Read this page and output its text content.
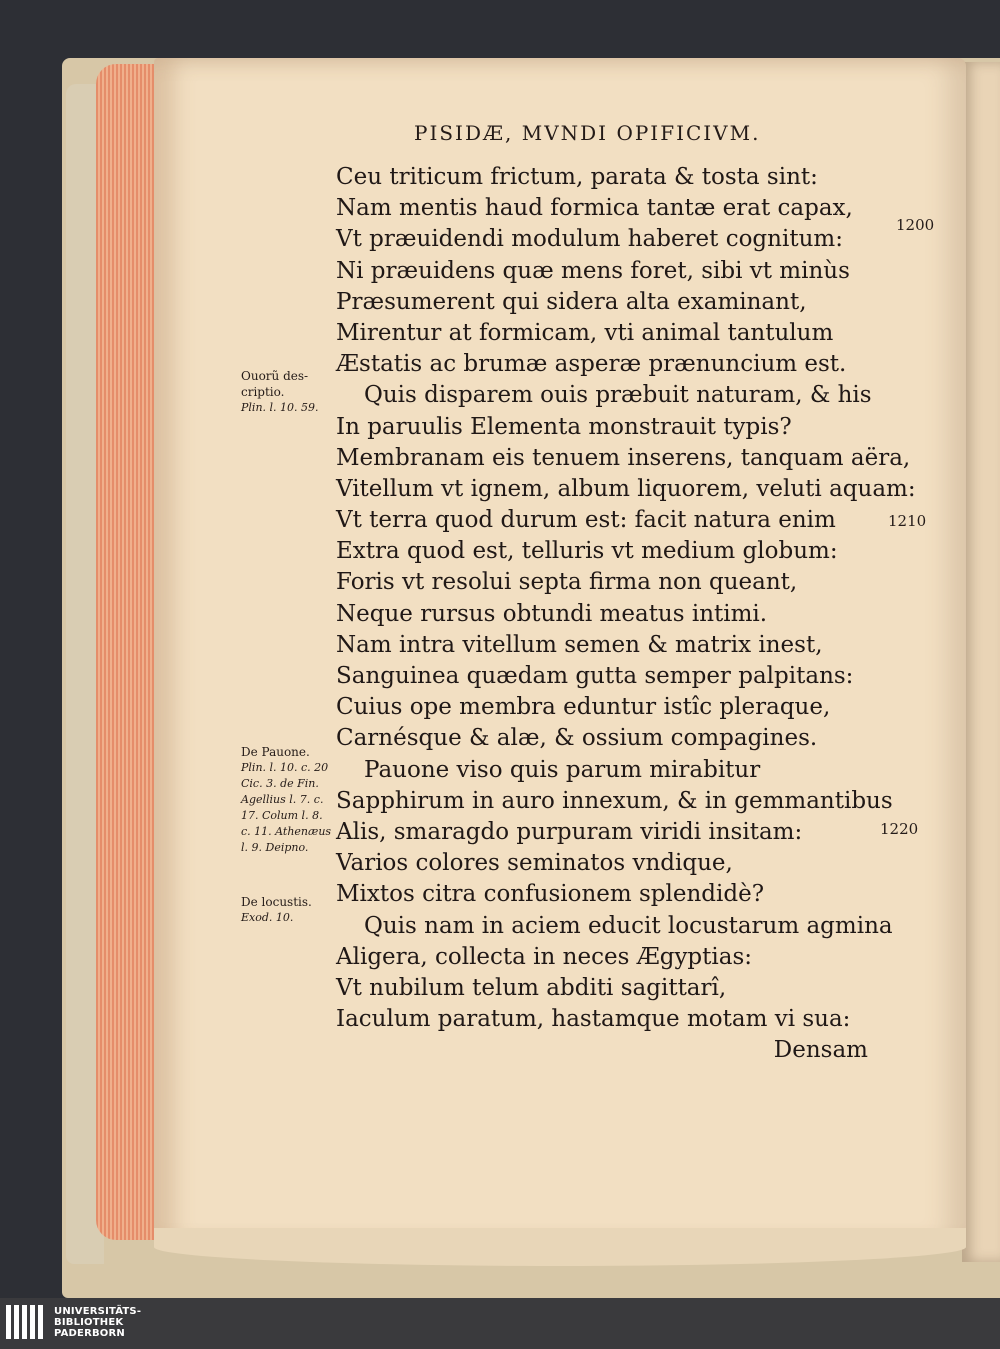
PISIDÆ, MVNDI OPIFICIVM.
Ceu triticum frictum, parata & tosta sint:
Nam mentis haud formica tantæ erat capax,
Vt præuidendi modulum haberet cognitum:
Ni præuidens quæ mens foret, sibi vt minùs
Præsumerent qui sidera alta examinant,
Mirentur at formicam, vti animal tantulum
Æstatis ac brumæ asperæ prænuncium est.
Quis disparem ouis præbuit naturam, & his
In paruulis Elementa monstrauit typis?
Membranam eis tenuem inserens, tanquam aëra,
Vitellum vt ignem, album liquorem, veluti aquam:
Vt terra quod durum est: facit natura enim
Extra quod est, telluris vt medium globum:
Foris vt resolui septa firma non queant,
Neque rursus obtundi meatus intimi.
Nam intra vitellum semen & matrix inest,
Sanguinea quædam gutta semper palpitans:
Cuius ope membra eduntur istîc pleraque,
Carnésque & alæ, & ossium compagines.
Pauone viso quis parum mirabitur
Sapphirum in auro innexum, & in gemmantibus
Alis, smaragdo purpuram viridi insitam:
Varios colores seminatos vndique,
Mixtos citra confusionem splendidè?
Quis nam in aciem educit locustarum agmina
Aligera, collecta in neces Ægyptias:
Vt nubilum telum abditi sagittarî,
Iaculum paratum, hastamque motam vi sua:
Densam
1200
1210
1220
Ouorũ des-
criptio.
Plin. l. 10. 59.
De Pauone.
Plin. l. 10. c. 20
Cic. 3. de Fin.
Agellius l. 7. c.
17. Colum l. 8.
c. 11. Athenæus
l. 9. Deipno.
De locustis.
Exod. 10.
UNIVERSITÄTS-
BIBLIOTHEK
PADERBORN
